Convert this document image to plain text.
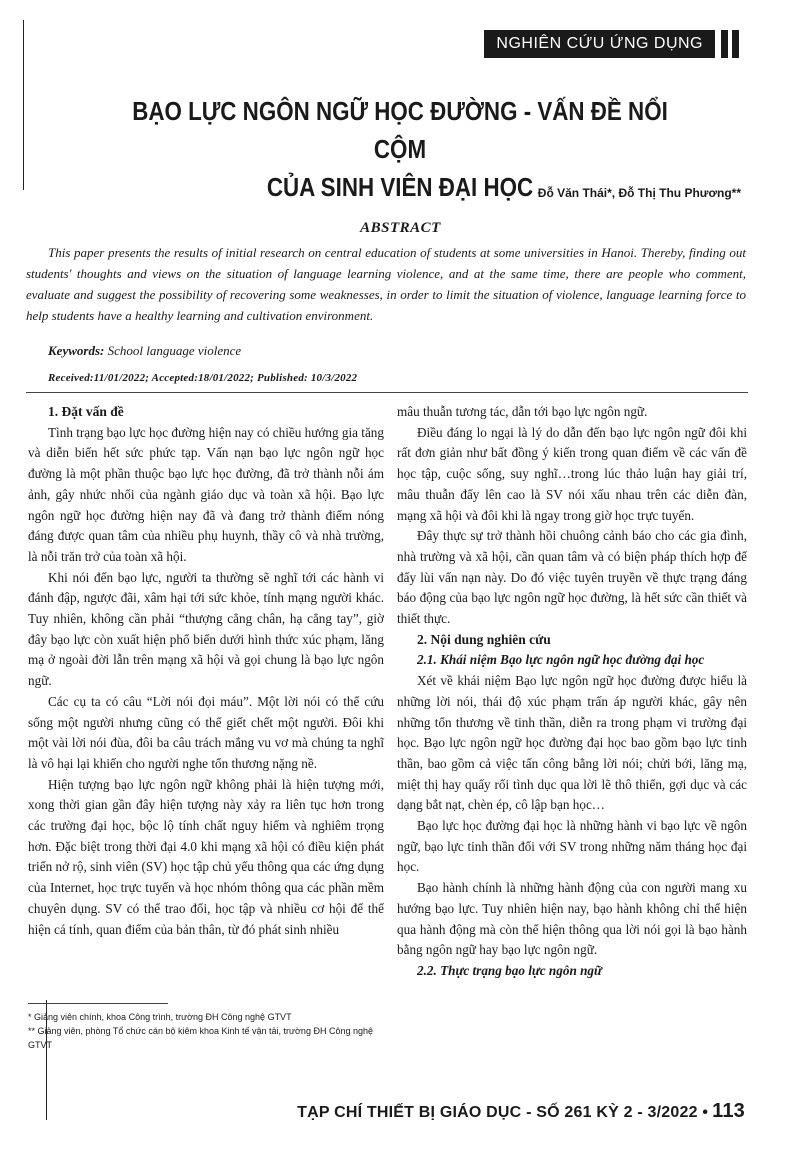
NGHIÊN CỨU ỨNG DỤNG
BẠO LỰC NGÔN NGỮ HỌC ĐƯỜNG - VẤN ĐỀ NỔI CỘM
CỦA SINH VIÊN ĐẠI HỌC Đỗ Văn Thái*, Đỗ Thị Thu Phương**
ABSTRACT

This paper presents the results of initial research on central education of students at some universities in Hanoi. Thereby, finding out students' thoughts and views on the situation of language learning violence, and at the same time, there are people who comment, evaluate and suggest the possibility of recovering some weaknesses, in order to limit the situation of violence, language learning force to help students have a healthy learning and cultivation environment.

Keywords: School language violence
Received:11/01/2022; Accepted:18/01/2022; Published: 10/3/2022
1. Đặt vấn đề

Tình trạng bạo lực học đường hiện nay có chiều hướng gia tăng và diễn biến hết sức phức tạp. Vấn nạn bạo lực ngôn ngữ học đường là một phần thuộc bạo lực học đường, đã trở thành nỗi ám ảnh, gây nhức nhối của ngành giáo dục và toàn xã hội. Bạo lực ngôn ngữ học đường hiện nay đã và đang trở thành điểm nóng đáng được quan tâm của nhiều phụ huynh, thầy cô và nhà trường, là nỗi trăn trở của toàn xã hội.

Khi nói đến bạo lực, người ta thường sẽ nghĩ tới các hành vi đánh đập, ngược đãi, xâm hại tới sức khỏe, tính mạng người khác. Tuy nhiên, không cần phải “thượng cẳng chân, hạ cẳng tay”, giờ đây bạo lực còn xuất hiện phổ biến dưới hình thức xúc phạm, lăng mạ ở ngoài đời lẫn trên mạng xã hội và gọi chung là bạo lực ngôn ngữ.

Các cụ ta có câu “Lời nói đọi máu”. Một lời nói có thể cứu sống một người nhưng cũng có thể giết chết một người. Đôi khi một vài lời nói đùa, đôi ba câu trách mắng vu vơ mà chúng ta nghĩ là vô hại lại khiến cho người nghe tổn thương nặng nề.

Hiện tượng bạo lực ngôn ngữ không phải là hiện tượng mới, xong thời gian gần đây hiện tượng này xảy ra liên tục hơn trong các trường đại học, bộc lộ tính chất nguy hiểm và nghiêm trọng hơn. Đặc biệt trong thời đại 4.0 khi mạng xã hội có điều kiện phát triển nở rộ, sinh viên (SV) học tập chủ yếu thông qua các ứng dụng của Internet, học trực tuyến và học nhóm thông qua các phần mềm chuyên dụng. SV có thể trao đổi, học tập và nhiều cơ hội để thể hiện cá tính, quan điểm của bản thân, từ đó phát sinh nhiều

mâu thuẫn tương tác, dẫn tới bạo lực ngôn ngữ.

Điều đáng lo ngại là lý do dẫn đến bạo lực ngôn ngữ đôi khi rất đơn giản như bất đồng ý kiến trong quan điểm về các vấn đề học tập, cuộc sống, suy nghĩ…trong lúc thảo luận hay giải trí, mâu thuẫn đẩy lên cao là SV nói xấu nhau trên các diễn đàn, mạng xã hội và đôi khi là ngay trong giờ học trực tuyến.

Đây thực sự trở thành hồi chuông cảnh báo cho các gia đình, nhà trường và xã hội, cần quan tâm và có biện pháp thích hợp để đẩy lùi vấn nạn này. Do đó việc tuyên truyền về thực trạng đáng báo động của bạo lực ngôn ngữ học đường, là hết sức cần thiết và thiết thực.

2. Nội dung nghiên cứu
2.1. Khái niệm Bạo lực ngôn ngữ học đường đại học

Xét về khái niệm Bạo lực ngôn ngữ học đường được hiểu là những lời nói, thái độ xúc phạm trấn áp người khác, gây nên những tổn thương về tinh thần, diễn ra trong phạm vi trường đại học. Bạo lực ngôn ngữ học đường đại học bao gồm bạo lực tinh thần, bao gồm cả việc tấn công bằng lời nói; chửi bới, lăng mạ, miệt thị hay quấy rối tình dục qua lời lẽ thô thiển, gợi dục và các dạng bắt nạt, chèn ép, cô lập bạn học…

Bạo lực học đường đại học là những hành vi bạo lực về ngôn ngữ, bạo lực tinh thần đối với SV trong những năm tháng học đại học.

Bạo hành chính là những hành động của con người mang xu hướng bạo lực. Tuy nhiên hiện nay, bạo hành không chỉ thể hiện qua hành động mà còn thể hiện thông qua lời nói gọi là bạo hành bằng ngôn ngữ hay bạo lực ngôn ngữ.

2.2. Thực trạng bạo lực ngôn ngữ

* Giảng viên chính, khoa Công trình, trường ĐH Công nghệ GTVT

** Giảng viên, phòng Tổ chức cán bộ kiêm khoa Kinh tế vận tải, trường ĐH Công nghệ GTVT

TẠP CHÍ THIẾT BỊ GIÁO DỤC - SỐ 261 KỲ 2 - 3/2022 • 113
